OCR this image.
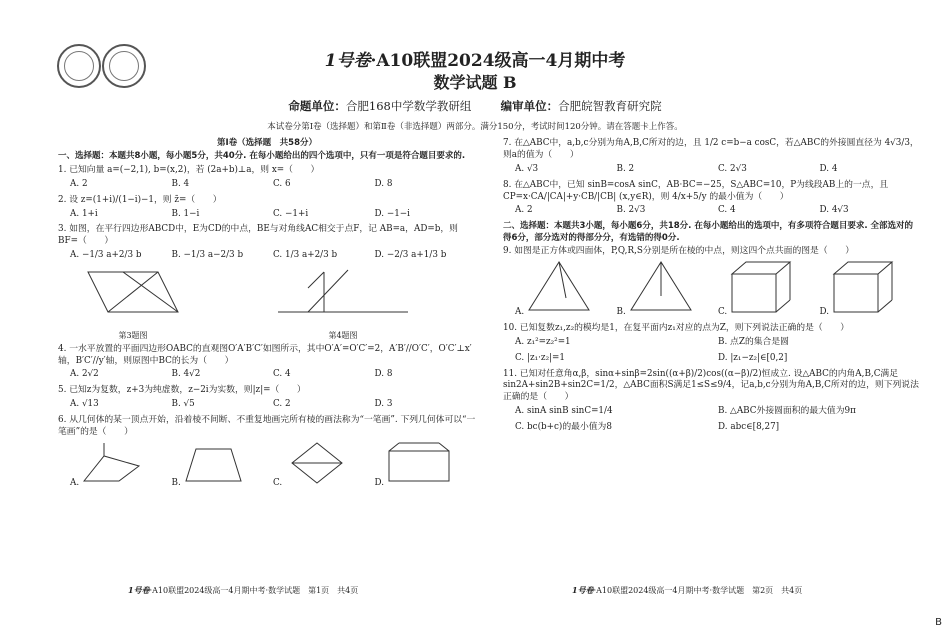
1号卷·A10联盟2024级高一4月期中考
数学试题 B
命题单位：合肥168中学数学教研组	编审单位：合肥皖智教育研究院
本试卷分第Ⅰ卷（选择题）和第Ⅱ卷（非选择题）两部分。满分150分，考试时间120分钟。请在答题卡上作答。
第Ⅰ卷（选择题　共58分）
一、选择题：本题共8小题，每小题5分，共40分. 在每小题给出的四个选项中，只有一项是符合题目要求的.
1. 已知向量 a=(−2,1), b=(x,2)，若 (2a+b)⊥a，则 x=（　　）
A. 2	B. 4	C. 6	D. 8
2. 设 z=(1+i)/(1−i)−1，则 z̄=（　　）
A. 1+i	B. 1−i	C. −1+i	D. −1−i
3. 如图，在平行四边形ABCD中，E为CD的中点，BE与对角线AC相交于点F，记 AB=a，AD=b，则 BF=（　　）
A. −1/3 a+2/3 b	B. −1/3 a−2/3 b	C. 1/3 a+2/3 b	D. −2/3 a+1/3 b
第3题图	第4题图
4. 一水平放置的平面四边形OABC的直观图O′A′B′C′如图所示，其中O′A′=O′C′=2，A′B′//O′C′，O′C′⊥x′轴，B′C′//y′轴，则原图中BC的长为（　　）
A. 2√2	B. 4√2	C. 4	D. 8
5. 已知z为复数，z+3为纯虚数，z−2i为实数，则|z|=（　　）
A. √13	B. √5	C. 2	D. 3
6. 从几何体的某一顶点开始，沿着棱不间断、不重复地画完所有棱的画法称为“一笔画”. 下列几何体可以“一笔画”的是（　　）
A.	B.	C.	D.
7. 在△ABC中，a,b,c分别为角A,B,C所对的边，且 1/2 c=b−a cosC，若△ABC的外接圆直径为 4√3/3，则a的值为（　　）
A. √3	B. 2	C. 2√3	D. 4
8. 在△ABC中，已知 sinB=cosA sinC，AB·BC=−25，S△ABC=10，P为线段AB上的一点，且 CP=x·CA/|CA|+y·CB/|CB| (x,y∈R)，则 4/x+5/y 的最小值为（　　）
A. 2	B. 2√3	C. 4	D. 4√3
二、选择题：本题共3小题，每小题6分，共18分. 在每小题给出的选项中，有多项符合题目要求. 全部选对的得6分，部分选对的得部分分，有选错的得0分.
9. 如图是正方体或四面体，P,Q,R,S分别是所在棱的中点，则这四个点共面的图是（　　）
A.	B.	C.	D.
10. 已知复数z₁,z₂的模均是1，在复平面内z₁对应的点为Z，则下列说法正确的是（　　）
A. z₁²=z₂²=1	B. 点Z的集合是圆
C. |z₁·z₂|=1	D. |z₁−z₂|∈[0,2]
11. 已知对任意角α,β，sinα+sinβ=2sin((α+β)/2)cos((α−β)/2)恒成立. 设△ABC的内角A,B,C满足sin2A+sin2B+sin2C=1/2，△ABC面积S满足1≤S≤9/4，记a,b,c分别为角A,B,C所对的边，则下列说法正确的是（　　）
A. sinA sinB sinC=1/4	B. △ABC外接圆面积的最大值为9π
C. bc(b+c)的最小值为8	D. abc∈[8,27]
1号卷·A10联盟2024级高一4月期中考·数学试题　第1页　共4页	1号卷·A10联盟2024级高一4月期中考·数学试题　第2页　共4页
B
